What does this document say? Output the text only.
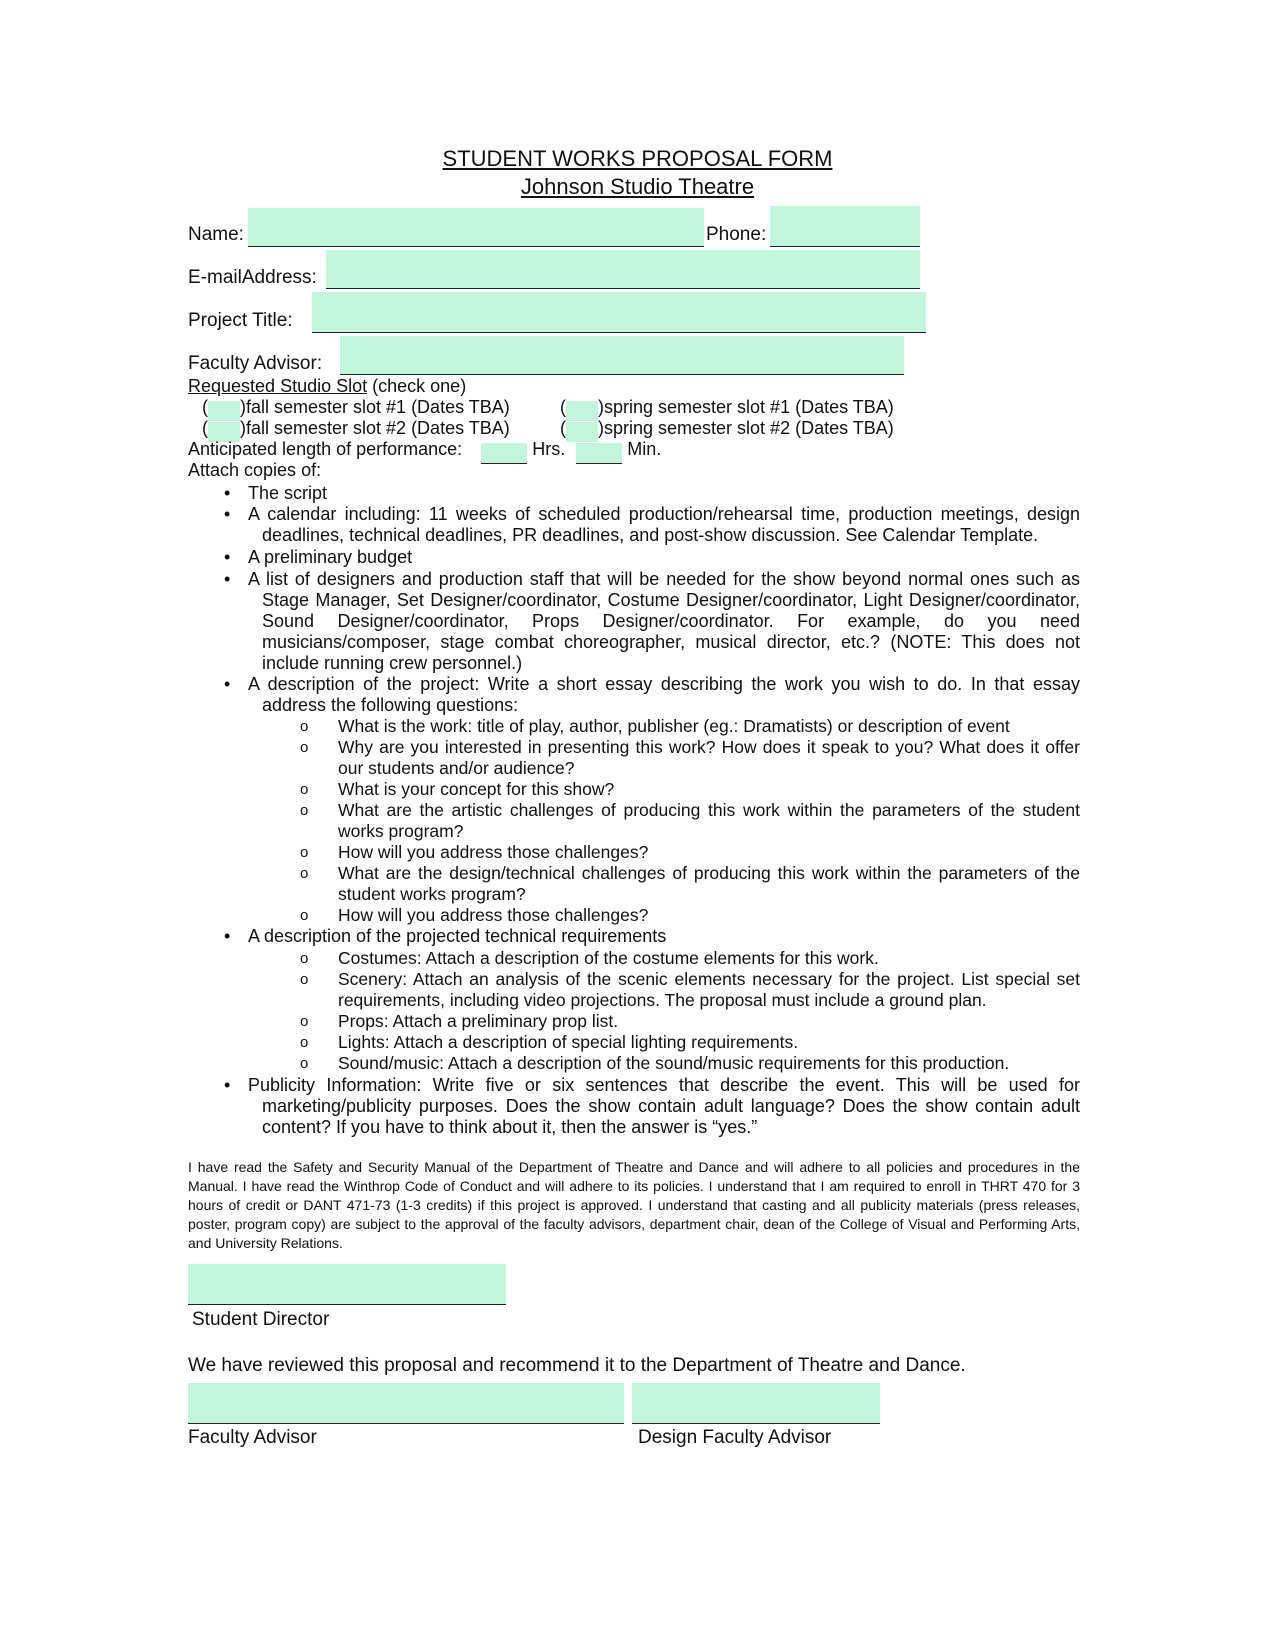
STUDENT WORKS PROPOSAL FORM
Johnson Studio Theatre
Name:	Phone:
E-mailAddress:
Project Title:
Faculty Advisor:
Requested Studio Slot (check one)
( )fall semester slot #1 (Dates TBA)	( )spring semester slot #1 (Dates TBA)
( )fall semester slot #2 (Dates TBA)	( )spring semester slot #2 (Dates TBA)
Anticipated length of performance:	Hrs.	Min.
Attach copies of:
• The script
• A calendar including: 11 weeks of scheduled production/rehearsal time, production meetings, design deadlines, technical deadlines, PR deadlines, and post-show discussion. See Calendar Template.
• A preliminary budget
• A list of designers and production staff that will be needed for the show beyond normal ones such as Stage Manager, Set Designer/coordinator, Costume Designer/coordinator, Light Designer/coordinator, Sound Designer/coordinator, Props Designer/coordinator. For example, do you need musicians/composer, stage combat choreographer, musical director, etc.? (NOTE: This does not include running crew personnel.)
• A description of the project: Write a short essay describing the work you wish to do. In that essay address the following questions:
o	What is the work: title of play, author, publisher (eg.: Dramatists) or description of event
o	Why are you interested in presenting this work? How does it speak to you? What does it offer our students and/or audience?
o	What is your concept for this show?
o	What are the artistic challenges of producing this work within the parameters of the student works program?
o	How will you address those challenges?
o	What are the design/technical challenges of producing this work within the parameters of the student works program?
o	How will you address those challenges?
• A description of the projected technical requirements
o	Costumes: Attach a description of the costume elements for this work.
o	Scenery: Attach an analysis of the scenic elements necessary for the project. List special set requirements, including video projections. The proposal must include a ground plan.
o	Props: Attach a preliminary prop list.
o	Lights: Attach a description of special lighting requirements.
o	Sound/music: Attach a description of the sound/music requirements for this production.
• Publicity Information: Write five or six sentences that describe the event. This will be used for marketing/publicity purposes. Does the show contain adult language? Does the show contain adult content? If you have to think about it, then the answer is “yes.”
I have read the Safety and Security Manual of the Department of Theatre and Dance and will adhere to all policies and procedures in the Manual. I have read the Winthrop Code of Conduct and will adhere to its policies. I understand that I am required to enroll in THRT 470 for 3 hours of credit or DANT 471-73 (1-3 credits) if this project is approved. I understand that casting and all publicity materials (press releases, poster, program copy) are subject to the approval of the faculty advisors, department chair, dean of the College of Visual and Performing Arts, and University Relations.
Student Director
We have reviewed this proposal and recommend it to the Department of Theatre and Dance.
Faculty Advisor	Design Faculty Advisor
